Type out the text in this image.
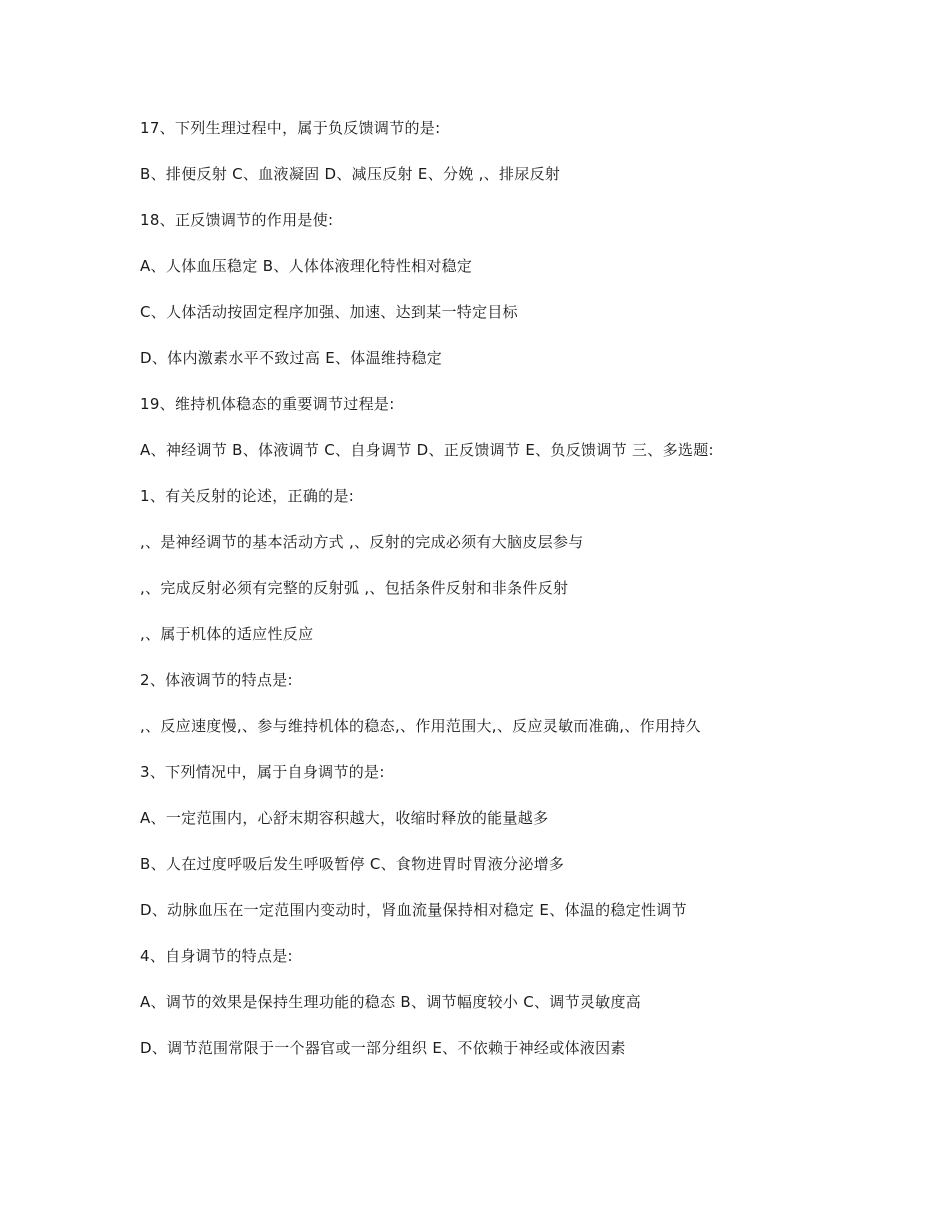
17、下列生理过程中，属于负反馈调节的是:

B、排便反射 C、血液凝固 D、减压反射 E、分娩 ,、排尿反射

18、正反馈调节的作用是使:

A、人体血压稳定 B、人体体液理化特性相对稳定

C、人体活动按固定程序加强、加速、达到某一特定目标

D、体内激素水平不致过高 E、体温维持稳定

19、维持机体稳态的重要调节过程是:

A、神经调节 B、体液调节 C、自身调节 D、正反馈调节 E、负反馈调节 三、多选题:

1、有关反射的论述，正确的是:

,、是神经调节的基本活动方式 ,、反射的完成必须有大脑皮层参与

,、完成反射必须有完整的反射弧 ,、包括条件反射和非条件反射

,、属于机体的适应性反应

2、体液调节的特点是:

,、反应速度慢,、参与维持机体的稳态,、作用范围大,、反应灵敏而准确,、作用持久

3、下列情况中，属于自身调节的是:

A、一定范围内，心舒末期容积越大，收缩时释放的能量越多

B、人在过度呼吸后发生呼吸暂停 C、食物进胃时胃液分泌增多

D、动脉血压在一定范围内变动时，肾血流量保持相对稳定 E、体温的稳定性调节

4、自身调节的特点是:

A、调节的效果是保持生理功能的稳态 B、调节幅度较小 C、调节灵敏度高

D、调节范围常限于一个器官或一部分组织 E、不依赖于神经或体液因素
